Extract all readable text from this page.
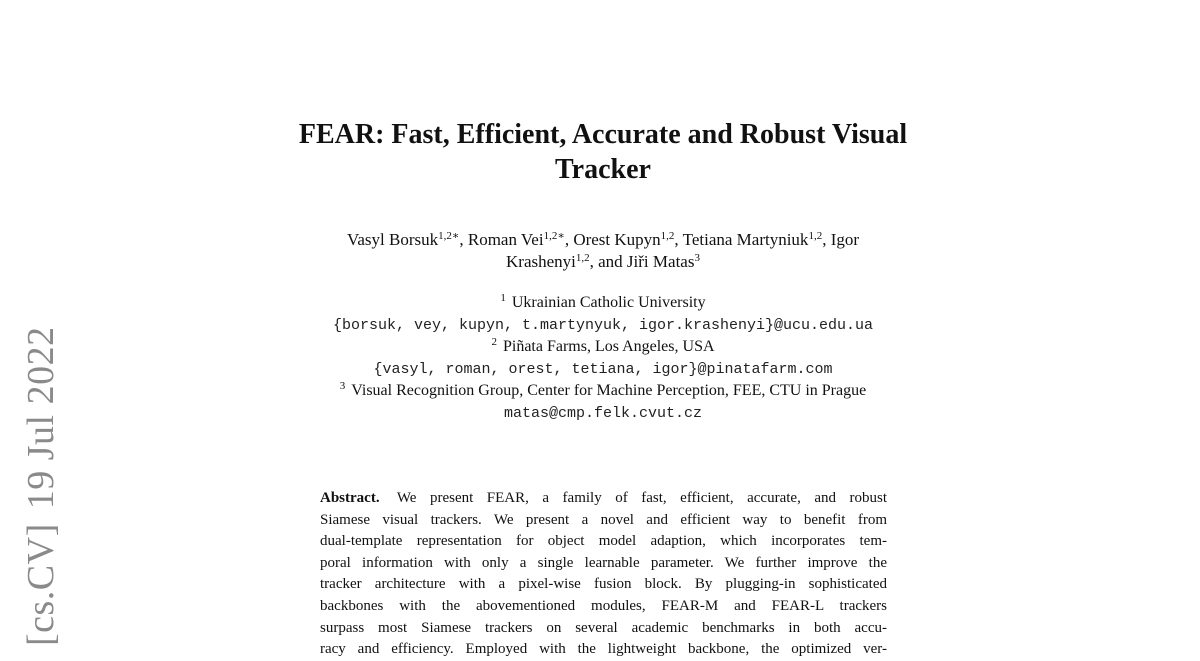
[cs.CV]19 Jul 2022
FEAR: Fast, Efficient, Accurate and Robust Visual
Tracker

Vasyl Borsuk$^{1,2∗}$, Roman Vei$^{1,2∗}$, Orest Kupyn$^{1,2}$, Tetiana Martyniuk$^{1,2}$, Igor
Krashenyi$^{1,2}$, and Jiři Matas$^3$

$^1$ Ukrainian Catholic University
{borsuk, vey, kupyn, t.martynyuk, igor.krashenyi}@ucu.edu.ua

$^2$ Piñata Farms, Los Angeles, USA
{vasyl, roman, orest, tetiana, igor}@pinatafarm.com

$^3$ Visual Recognition Group, Center for Machine Perception, FEE, CTU in Prague
matas@cmp.felk.cvut.cz

Abstract. We present FEAR, a family of fast, efficient, accurate, and robust
Siamese visual trackers. We present a novel and efficient way to benefit from
dual-template representation for object model adaption, which incorporates tem-
poral information with only a single learnable parameter. We further improve the
tracker architecture with a pixel-wise fusion block. By plugging-in sophisticated
backbones with the abovementioned modules, FEAR-M and FEAR-L trackers
surpass most Siamese trackers on several academic benchmarks in both accu-
racy and efficiency. Employed with the lightweight backbone, the optimized ver-
